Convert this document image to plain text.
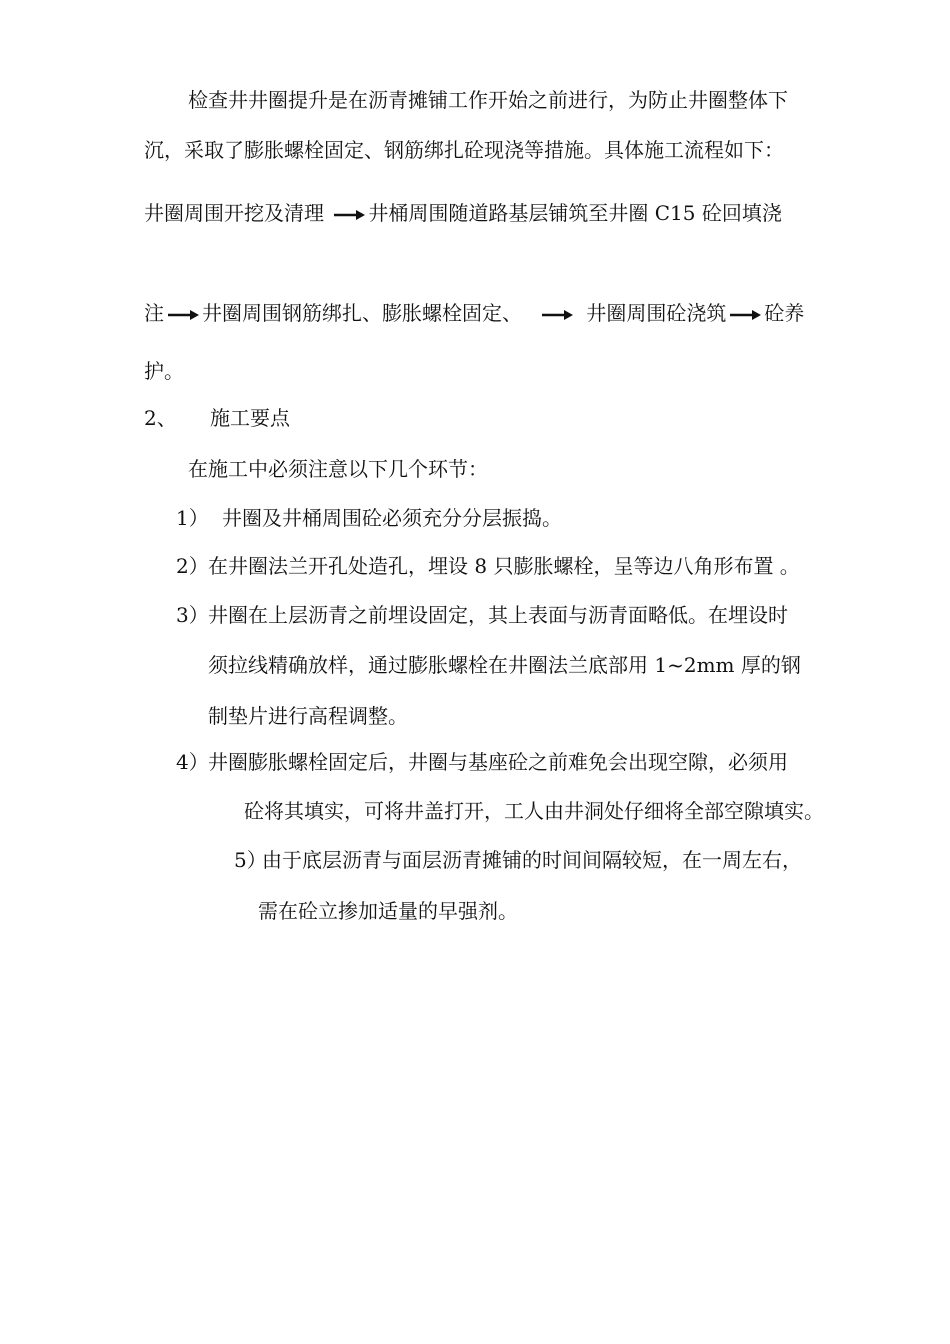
检查井井圈提升是在沥青摊铺工作开始之前进行，为防止井圈整体下
沉，采取了膨胀螺栓固定、钢筋绑扎砼现浇等措施。具体施工流程如下：
井圈周围开挖及清理 井桶周围随道路基层铺筑至井圈 C15 砼回填浇
注 井圈周围钢筋绑扎、膨胀螺栓固定、	井圈周围砼浇筑 砼养
护。
2、 施工要点
在施工中必须注意以下几个环节：
1） 井圈及井桶周围砼必须充分分层振捣。
2） 在井圈法兰开孔处造孔，埋设 8 只膨胀螺栓，呈等边八角形布置 。
3） 井圈在上层沥青之前埋设固定，其上表面与沥青面略低。在埋设时
须拉线精确放样，通过膨胀螺栓在井圈法兰底部用 1~2mm 厚的钢
制垫片进行高程调整。
4） 井圈膨胀螺栓固定后，井圈与基座砼之前难免会出现空隙，必须用
砼将其填实，可将井盖打开，工人由井洞处仔细将全部空隙填实。
5）
由于底层沥青与面层沥青摊铺的时间间隔较短，在一周左右，
需在砼立掺加适量的早强剂。
